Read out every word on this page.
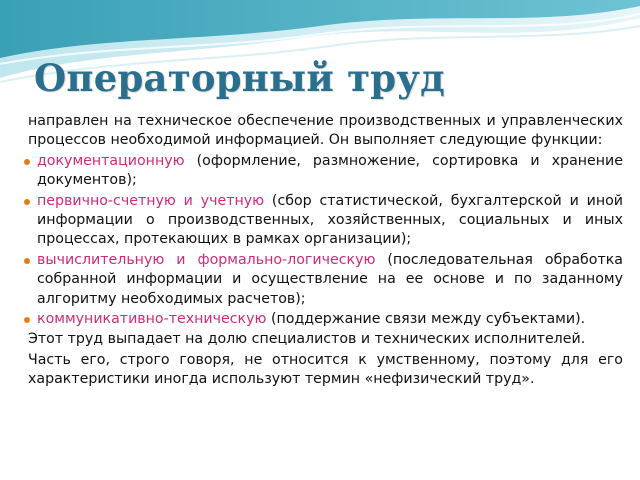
Операторный труд

направлен на техническое обеспечение производственных и управленческих процессов необходимой информацией. Он выполняет следующие функции:

документационную (оформление, размножение, сортировка и хранение документов);

первично-счетную и учетную (сбор статистической, бухгалтерской и иной информации о производственных, хозяйственных, социальных и иных процессах, протекающих в рамках организации);

вычислительную и формально-логическую (последовательная обработка собранной информации и осуществление на ее основе и по заданному алгоритму необходимых расчетов);

коммуникативно-техническую (поддержание связи между субъектами).

Этот труд выпадает на долю специалистов и технических исполнителей.

Часть его, строго говоря, не относится к умственному, поэтому для его характеристики иногда используют термин «нефизический труд».
